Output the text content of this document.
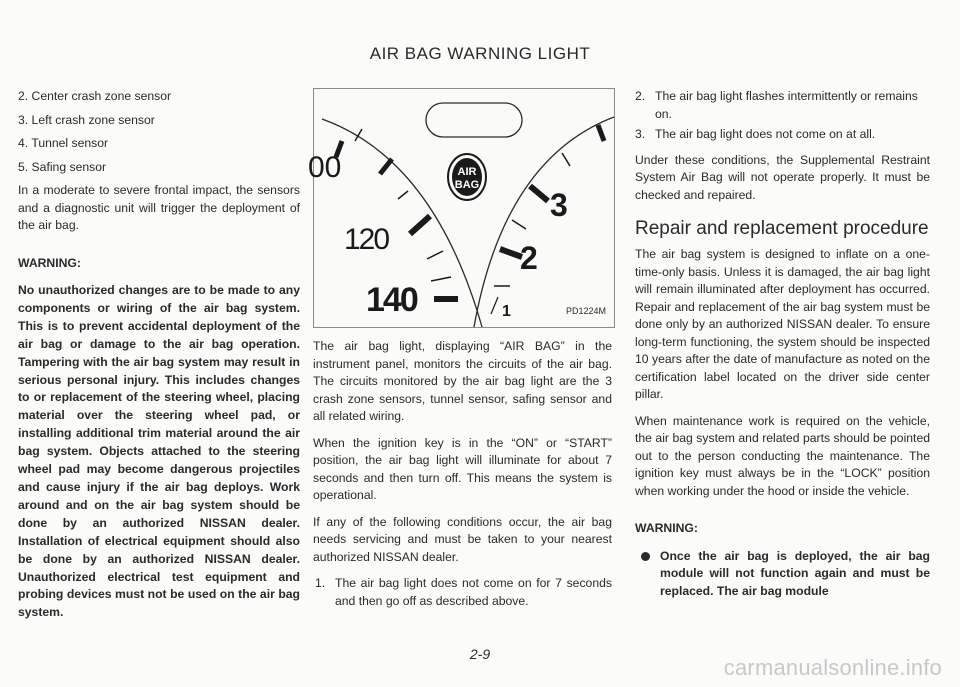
AIR BAG WARNING LIGHT

2. Center crash zone sensor

3. Left crash zone sensor

4. Tunnel sensor

5. Safing sensor

In a moderate to severe frontal impact, the sensors and a diagnostic unit will trigger the deployment of the air bag.

WARNING:
No unauthorized changes are to be made to any components or wiring of the air bag system. This is to prevent accidental deployment of the air bag or damage to the air bag operation. Tampering with the air bag system may result in serious personal injury. This includes changes to or replacement of the steering wheel, placing material over the steering wheel pad, or installing additional trim material around the air bag system. Objects attached to the steering wheel pad may become dangerous projectiles and cause injury if the air bag deploys. Work around and on the air bag system should be done by an authorized NISSAN dealer. Installation of electrical equipment should also be done by an authorized NISSAN dealer. Unauthorized electrical test equipment and probing devices must not be used on the air bag system.
AIR
BAG
00
120
140
3
2
1	PD1224M

The air bag light, displaying “AIR BAG” in the instrument panel, monitors the circuits of the air bag. The circuits monitored by the air bag light are the 3 crash zone sensors, tunnel sensor, safing sensor and all related wiring.

When the ignition key is in the “ON” or “START” position, the air bag light will illuminate for about 7 seconds and then turn off. This means the system is operational.

If any of the following conditions occur, the air bag needs servicing and must be taken to your nearest authorized NISSAN dealer.

1. The air bag light does not come on for 7 seconds and then go off as described above.
2. The air bag light flashes intermittently or remains on.
3. The air bag light does not come on at all.

Under these conditions, the Supplemental Restraint System Air Bag will not operate properly. It must be checked and repaired.

Repair and replacement procedure

The air bag system is designed to inflate on a one-time-only basis. Unless it is damaged, the air bag light will remain illuminated after deployment has occurred. Repair and replacement of the air bag system must be done only by an authorized NISSAN dealer. To ensure long-term functioning, the system should be inspected 10 years after the date of manufacture as noted on the certification label located on the driver side center pillar.

When maintenance work is required on the vehicle, the air bag system and related parts should be pointed out to the person conducting the maintenance. The ignition key must always be in the “LOCK” position when working under the hood or inside the vehicle.

WARNING:
Once the air bag is deployed, the air bag module will not function again and must be replaced. The air bag module
2-9
carmanualsonline.info
